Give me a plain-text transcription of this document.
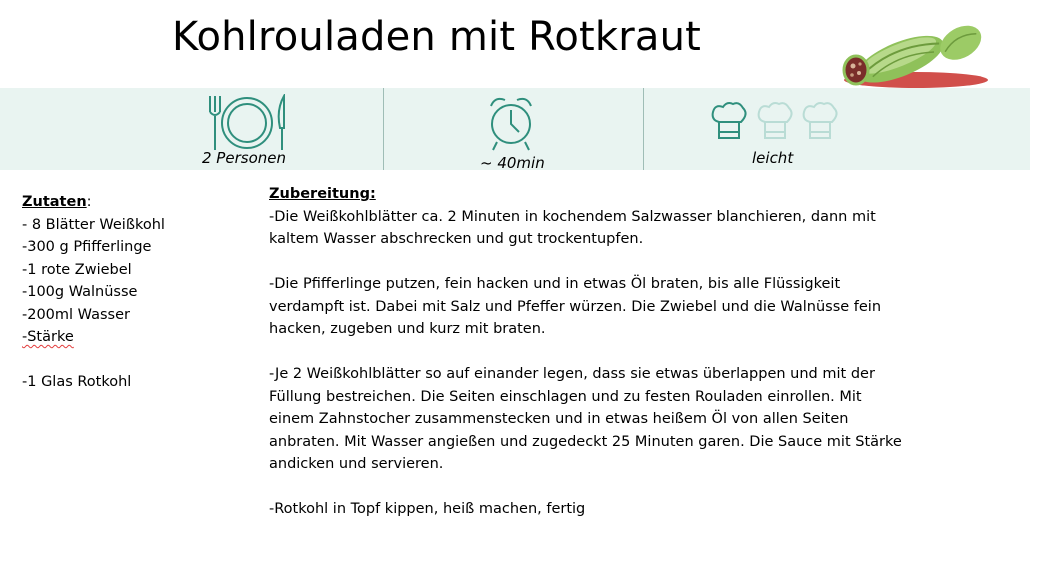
Kohlrouladen mit Rotkraut
2 Personen	~ 40min	leicht
Zutaten:
- 8 Blätter Weißkohl
-300 g Pfifferlinge
-1 rote Zwiebel
-100g Walnüsse
-200ml Wasser
-Stärke
-1 Glas Rotkohl

Zubereitung:

-Die Weißkohlblätter ca. 2 Minuten in kochendem Salzwasser blanchieren, dann mit kaltem Wasser abschrecken und gut trockentupfen.

-Die Pfifferlinge putzen, fein hacken und in etwas Öl braten, bis alle Flüssigkeit verdampft ist. Dabei mit Salz und Pfeffer würzen. Die Zwiebel und die Walnüsse fein hacken, zugeben und kurz mit braten.

-Je 2 Weißkohlblätter so auf einander legen, dass sie etwas überlappen und mit der Füllung bestreichen. Die Seiten einschlagen und zu festen Rouladen einrollen. Mit einem Zahnstocher zusammenstecken und in etwas heißem Öl von allen Seiten anbraten. Mit Wasser angießen und zugedeckt 25 Minuten garen. Die Sauce mit Stärke andicken und servieren.

-Rotkohl in Topf kippen, heiß machen, fertig
